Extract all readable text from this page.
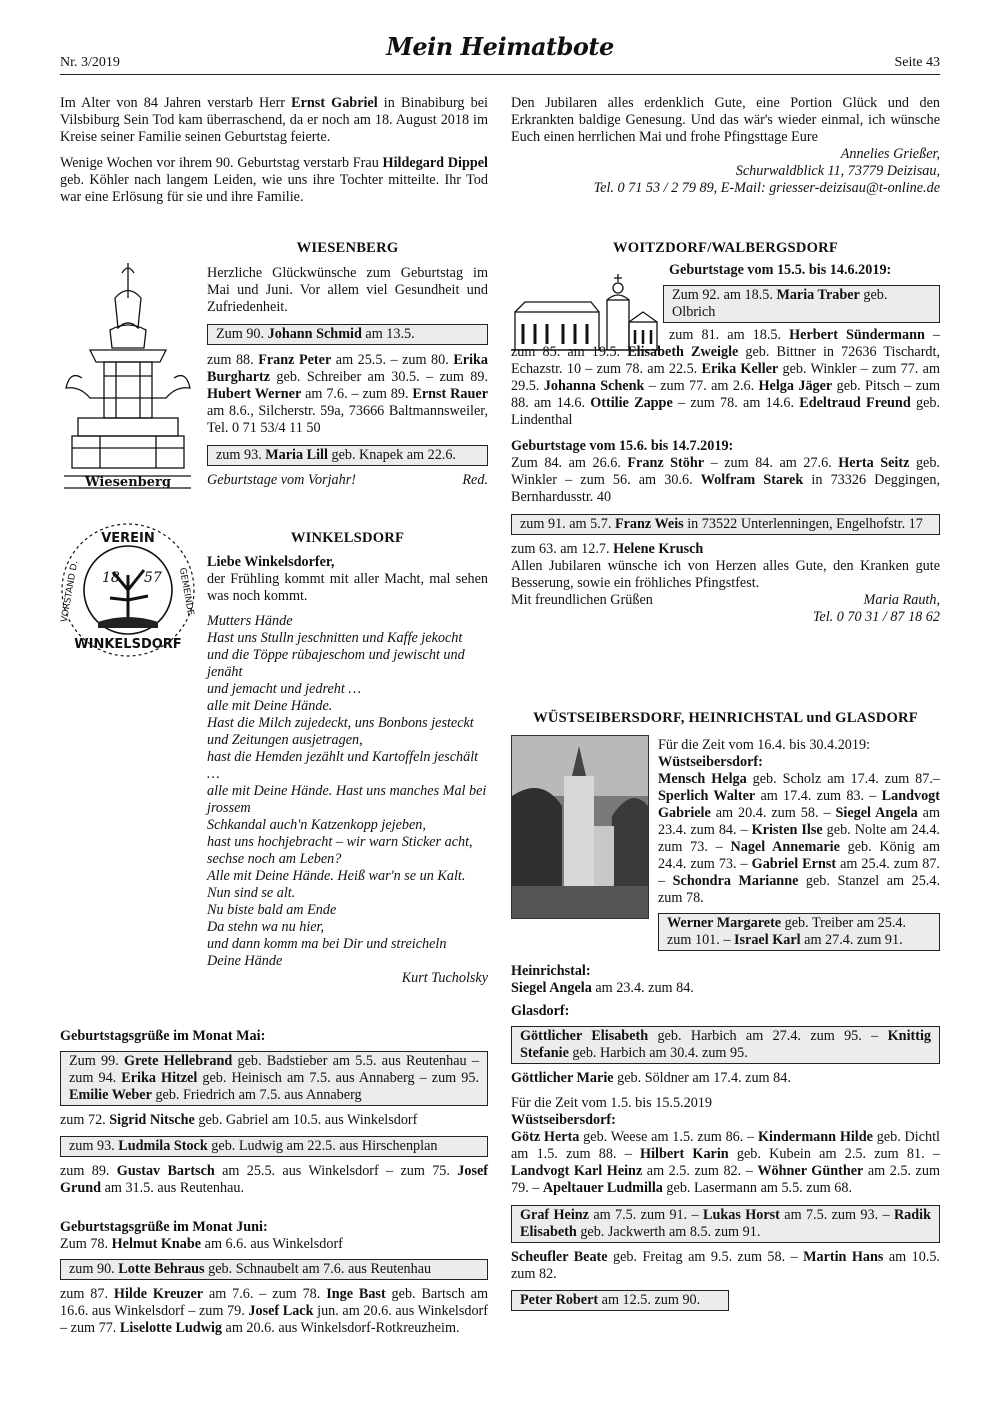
Nr. 3/2019
Mein Heimatbote
Seite 43

Im Alter von 84 Jahren verstarb Herr Ernst Gabriel in Binabiburg bei Vilsbiburg Sein Tod kam überraschend, da er noch am 18. August 2018 im Kreise seiner Familie seinen Geburtstag feierte.

Wenige Wochen vor ihrem 90. Geburtstag verstarb Frau Hildegard Dippel geb. Köhler nach langem Leiden, wie uns ihre Tochter mitteilte. Ihr Tod war eine Erlösung für sie und ihre Familie.

Den Jubilaren alles erdenklich Gute, eine Portion Glück und den Erkrankten baldige Genesung. Und das wär's wieder einmal, ich wünsche Euch einen herrlichen Mai und frohe Pfingsttage Eure

Annelies Grießer,

Schurwaldblick 11, 73779 Deizisau,

Tel. 0 71 53 / 2 79 89, E-Mail: griesser-deizisau@t-online.de

Wiesenberg

WIESENBERG

Herzliche Glückwünsche zum Geburtstag im Mai und Juni. Vor allem viel Gesundheit und Zufriedenheit.

Zum 90. Johann Schmid am 13.5.

zum 88. Franz Peter am 25.5. – zum 80. Erika Burghartz geb. Schreiber am 30.5. – zum 89. Hubert Werner am 7.6. – zum 89. Ernst Rauer am 8.6., Silcherstr. 59a, 73666 Baltmannsweiler, Tel. 0 71 53/4 11 50

zum 93. Maria Lill geb. Knapek am 22.6.

Geburtstage vom Vorjahr!	Red.

VEREIN
WINKELSDORF
VORSTAND D.	GEMEINDE
18 57

WINKELSDORF

Liebe Winkelsdorfer,

der Frühling kommt mit aller Macht, mal sehen was noch kommt.

Mutters Hände

Hast uns Stulln jeschnitten und Kaffe jekocht

und die Töppe rübajeschom und jewischt und jenäht

und jemacht und jedreht …

alle mit Deine Hände.

Hast die Milch zujedeckt, uns Bonbons jesteckt

und Zeitungen ausjetragen,

hast die Hemden jezählt und Kartoffeln jeschält …

alle mit Deine Hände. Hast uns manches Mal bei jrossem

Schkandal auch'n Katzenkopp jejeben,

hast uns hochjebracht – wir warn Sticker acht,

sechse noch am Leben?

Alle mit Deine Hände. Heiß war'n se un Kalt.

Nun sind se alt.

Nu biste bald am Ende

Da stehn wa nu hier,

und dann komm ma bei Dir und streicheln

Deine Hände

Kurt Tucholsky

Geburtstagsgrüße im Monat Mai:

Zum 99. Grete Hellebrand geb. Badstieber am 5.5. aus Reutenhau – zum 94. Erika Hitzel geb. Heinisch am 7.5. aus Annaberg – zum 95. Emilie Weber geb. Friedrich am 7.5. aus Annaberg

zum 72. Sigrid Nitsche geb. Gabriel am 10.5. aus Winkelsdorf

zum 93. Ludmila Stock geb. Ludwig am 22.5. aus Hirschenplan

zum 89. Gustav Bartsch am 25.5. aus Winkelsdorf – zum 75. Josef Grund am 31.5. aus Reutenhau.

Geburtstagsgrüße im Monat Juni:

Zum 78. Helmut Knabe am 6.6. aus Winkelsdorf

zum 90. Lotte Behraus geb. Schnaubelt am 7.6. aus Reutenhau

zum 87. Hilde Kreuzer am 7.6. – zum 78. Inge Bast geb. Bartsch am 16.6. aus Winkelsdorf – zum 79. Josef Lack jun. am 20.6. aus Winkelsdorf – zum 77. Liselotte Ludwig am 20.6. aus Winkelsdorf-Rotkreuzheim.

WOITZDORF/WALBERGSDORF

Geburtstage vom 15.5. bis 14.6.2019:

Zum 92. am 18.5. Maria Traber geb. Olbrich

zum 81. am 18.5. Herbert Sündermann – zum 85. am 19.5. Elisabeth Zweigle geb. Bittner in 72636 Tischardt, Echazstr. 10 – zum 78. am 22.5. Erika Keller geb. Winkler – zum 77. am 29.5. Johanna Schenk – zum 77. am 2.6. Helga Jäger geb. Pitsch – zum 88. am 14.6. Ottilie Zappe – zum 78. am 14.6. Edeltraud Freund geb. Lindenthal

Geburtstage vom 15.6. bis 14.7.2019:

Zum 84. am 26.6. Franz Stöhr – zum 84. am 27.6. Herta Seitz geb. Winkler – zum 56. am 30.6. Wolfram Starek in 73326 Deggingen, Bernhardusstr. 40

zum 91. am 5.7. Franz Weis in 73522 Unterlenningen, Engelhofstr. 17

zum 63. am 12.7. Helene Krusch

Allen Jubilaren wünsche ich von Herzen alles Gute, den Kranken gute Besserung, sowie ein fröhliches Pfingstfest.

Mit freundlichen Grüßen	Maria Rauth,

Tel. 0 70 31 / 87 18 62

WÜSTSEIBERSDORF, HEINRICHSTAL und GLASDORF

Für die Zeit vom 16.4. bis 30.4.2019:

Wüstseibersdorf:

Mensch Helga geb. Scholz am 17.4. zum 87.– Sperlich Walter am 17.4. zum 83. – Landvogt Gabriele am 20.4. zum 58. – Siegel Angela am 23.4. zum 84. – Kristen Ilse geb. Nolte am 24.4. zum 73. – Nagel Annemarie geb. König am 24.4. zum 73. – Gabriel Ernst am 25.4. zum 87. – Schondra Marianne geb. Stanzel am 25.4. zum 78.

Werner Margarete geb. Treiber am 25.4. zum 101. – Israel Karl am 27.4. zum 91.

Heinrichstal:

Siegel Angela am 23.4. zum 84.

Glasdorf:

Göttlicher Elisabeth geb. Harbich am 27.4. zum 95. – Knittig Stefanie geb. Harbich am 30.4. zum 95.

Göttlicher Marie geb. Söldner am 17.4. zum 84.

Für die Zeit vom 1.5. bis 15.5.2019

Wüstseibersdorf:

Götz Herta geb. Weese am 1.5. zum 86. – Kindermann Hilde geb. Dichtl am 1.5. zum 88. – Hilbert Karin geb. Kubein am 2.5. zum 81. – Landvogt Karl Heinz am 2.5. zum 82. – Wöhner Günther am 2.5. zum 79. – Apeltauer Ludmilla geb. Lasermann am 5.5. zum 68.

Graf Heinz am 7.5. zum 91. – Lukas Horst am 7.5. zum 93. – Radik Elisabeth geb. Jackwerth am 8.5. zum 91.

Scheufler Beate geb. Freitag am 9.5. zum 58. – Martin Hans am 10.5. zum 82.

Peter Robert am 12.5. zum 90.
